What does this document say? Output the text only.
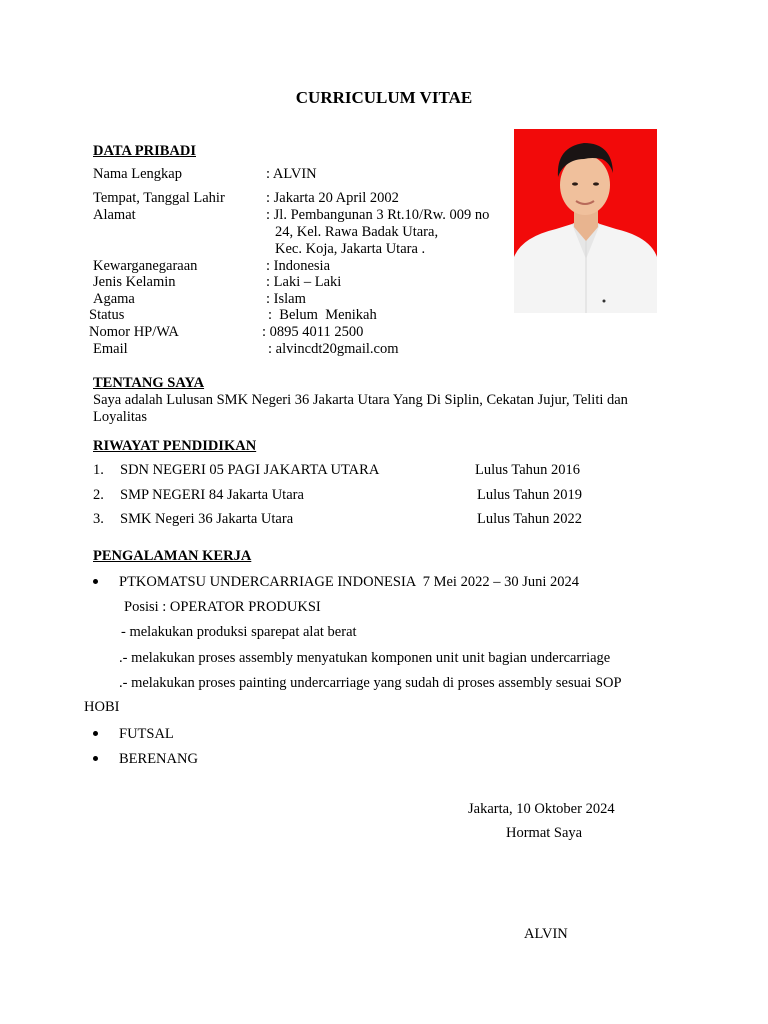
CURRICULUM VITAE
DATA PRIBADI
Nama Lengkap	: ALVIN
Tempat, Tanggal Lahir	: Jakarta 20 April 2002
Alamat	: Jl. Pembangunan 3 Rt.10/Rw. 009 no
24, Kel. Rawa Badak Utara,
Kec. Koja, Jakarta Utara .
Kewarganegaraan	: Indonesia
Jenis Kelamin	: Laki – Laki
Agama	: Islam
Status	:  Belum  Menikah
Nomor HP/WA	: 0895 4011 2500
Email	: alvincdt20gmail.com
TENTANG SAYA
Saya adalah Lulusan SMK Negeri 36 Jakarta Utara Yang Di Siplin, Cekatan Jujur, Teliti dan
Loyalitas
RIWAYAT PENDIDIKAN
1. SDN NEGERI 05 PAGI JAKARTA UTARA	Lulus Tahun 2016
2. SMP NEGERI 84 Jakarta Utara	Lulus Tahun 2019
3. SMK Negeri 36 Jakarta Utara	Lulus Tahun 2022
PENGALAMAN KERJA
PTKOMATSU UNDERCARRIAGE INDONESIA  7 Mei 2022 – 30 Juni 2024
Posisi : OPERATOR PRODUKSI
- melakukan produksi sparepat alat berat
.- melakukan proses assembly menyatukan komponen unit unit bagian undercarriage
.- melakukan proses painting undercarriage yang sudah di proses assembly sesuai SOP
HOBI
FUTSAL
BERENANG
Jakarta, 10 Oktober 2024
Hormat Saya
ALVIN
